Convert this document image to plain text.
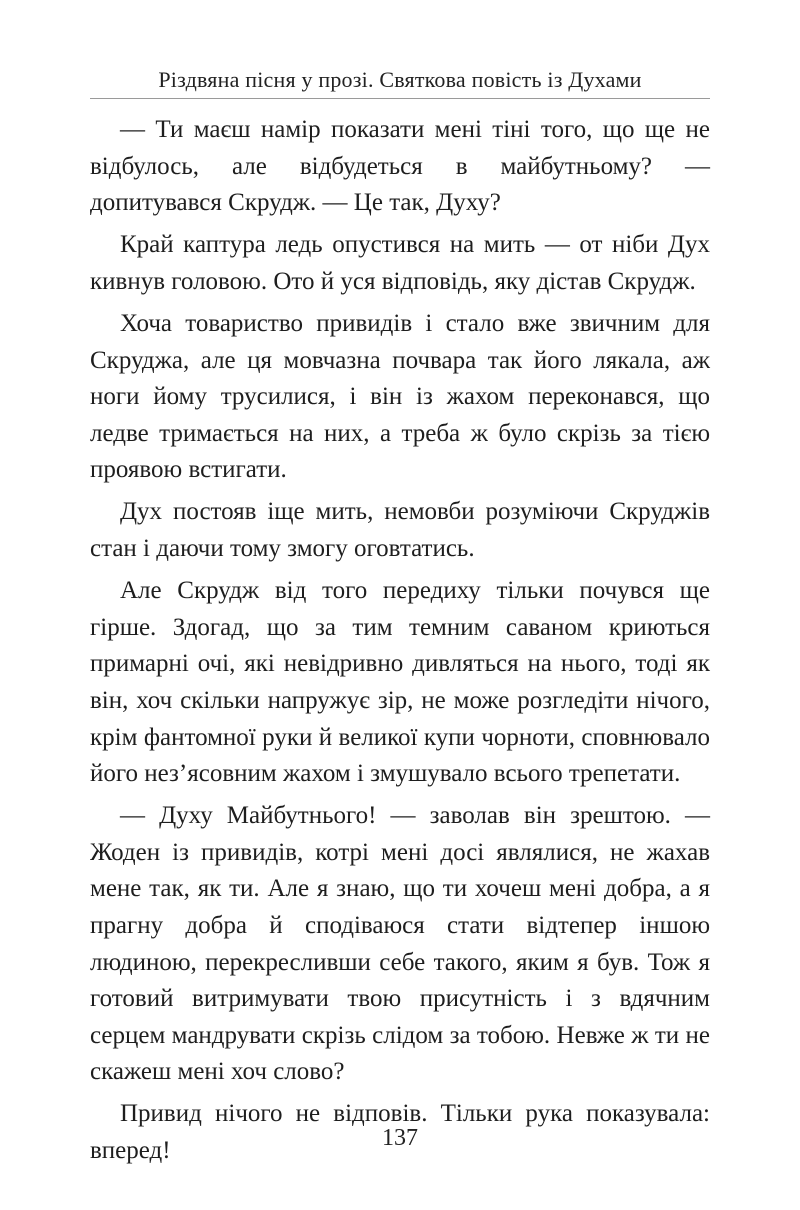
Різдвяна пісня у прозі. Святкова повість із Духами

— Ти маєш намір показати мені тіні того, що ще не відбулось, але відбудеться в майбутньому? — допитувався Скрудж. — Це так, Духу?

Край каптура ледь опустився на мить — от ніби Дух кивнув головою. Ото й уся відповідь, яку дістав Скрудж.

Хоча товариство привидів і стало вже звичним для Скруджа, але ця мовчазна почвара так його лякала, аж ноги йому трусилися, і він із жахом переконався, що ледве тримається на них, а треба ж було скрізь за тією проявою встигати.

Дух постояв іще мить, немовби розуміючи Скруджів стан і даючи тому змогу оговтатись.

Але Скрудж від того передиху тільки почувся ще гірше. Здогад, що за тим темним саваном криються примарні очі, які невідривно дивляться на нього, тоді як він, хоч скільки напружує зір, не може розгледіти нічого, крім фантомної руки й великої купи чорноти, сповнювало його нез’ясовним жахом і змушувало всього трепетати.

— Духу Майбутнього! — заволав він зрештою. — Жоден із привидів, котрі мені досі являлися, не жахав мене так, як ти. Але я знаю, що ти хочеш мені добра, а я прагну добра й сподіваюся стати відтепер іншою людиною, перекресливши себе такого, яким я був. Тож я готовий витримувати твою присутність і з вдячним серцем мандрувати скрізь слідом за тобою. Невже ж ти не скажеш мені хоч слово?

Привид нічого не відповів. Тільки рука показувала: вперед!	137
